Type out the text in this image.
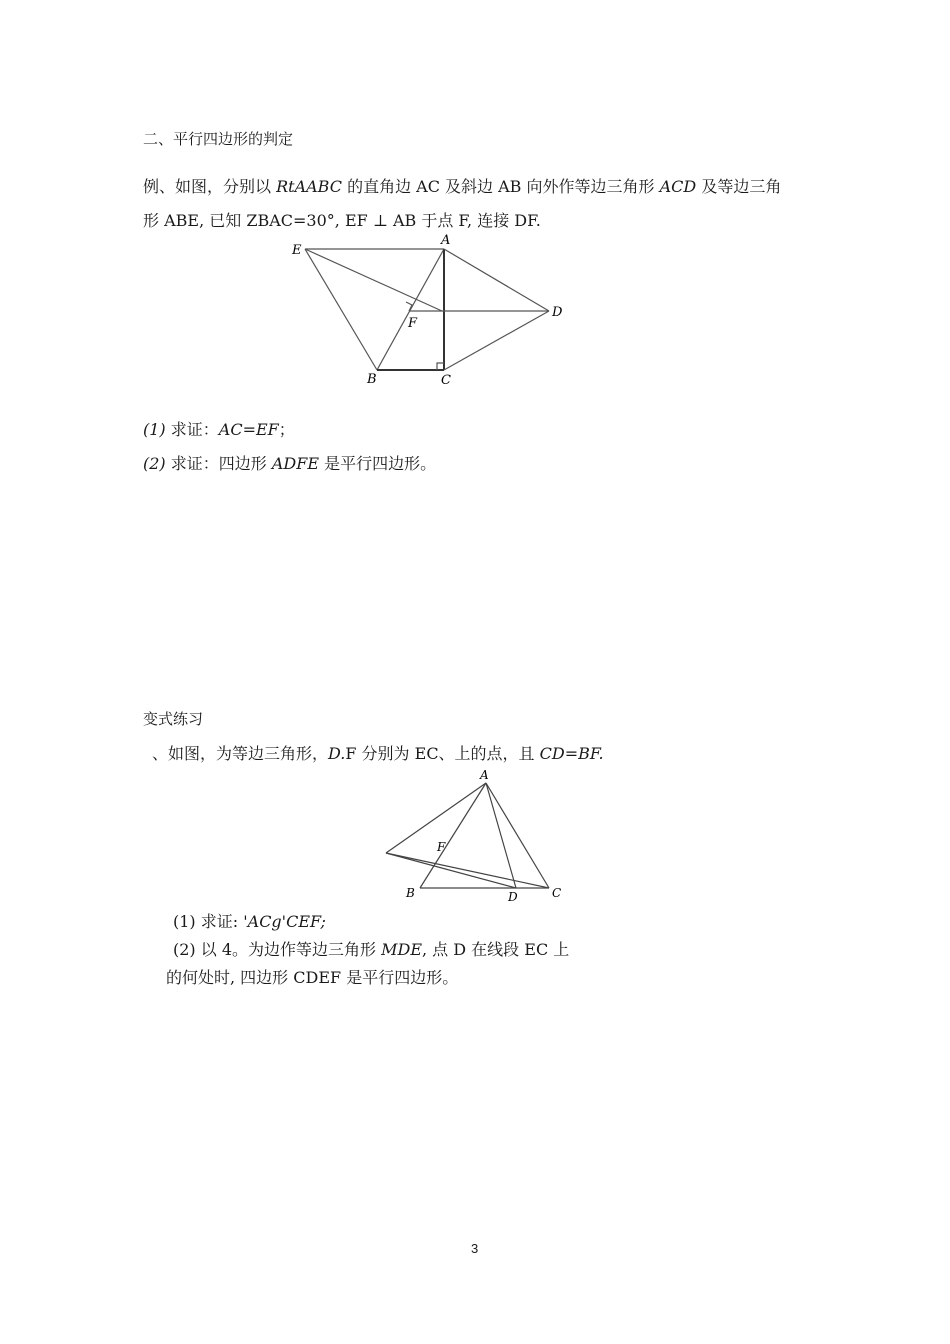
二、平行四边形的判定
例、如图，分别以 RtAABC 的直角边 AC 及斜边 AB 向外作等边三角形 ACD 及等边三角
形 ABE, 已知 ZBAC=30°, EF ⊥ AB 于点 F, 连接 DF.
E
A
F
D
B	C
(1) 求证：AC=EF；
(2) 求证：四边形 ADFE 是平行四边形。
变式练习
、如图，为等边三角形，D.F 分别为 EC、上的点，且 CD=BF.
A
F
B	D	C
(1) 求证: 'ACg'CEF;
(2) 以 4。为边作等边三角形 MDE, 点 D 在线段 EC 上
的何处时, 四边形 CDEF 是平行四边形。
3
